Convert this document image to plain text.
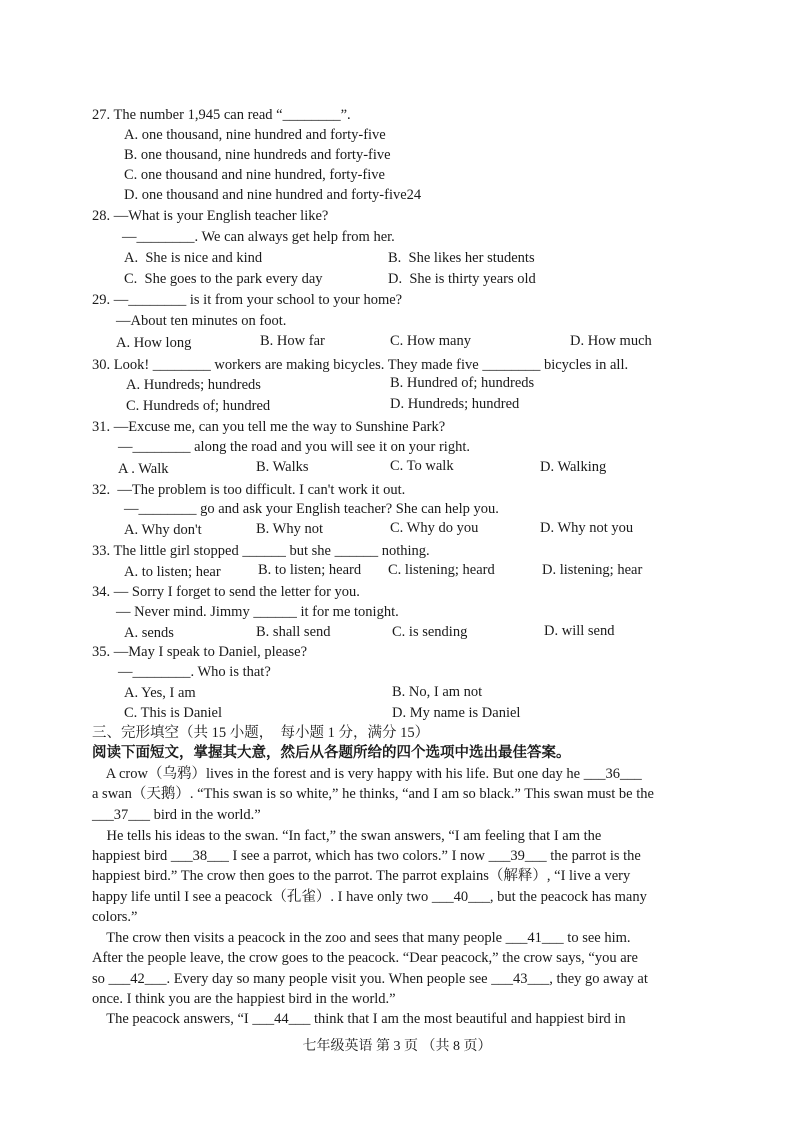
27. The number 1,945 can read “________”.
A. one thousand, nine hundred and forty-five
B. one thousand, nine hundreds and forty-five
C. one thousand and nine hundred, forty-five
D. one thousand and nine hundred and forty-five24
28. —What is your English teacher like?
—________. We can always get help from her.
A.  She is nice and kind	B.  She likes her students
C.  She goes to the park every day	D.  She is thirty years old
29. —________ is it from your school to your home?
—About ten minutes on foot.
A. How long	B. How far	C. How many	D. How much
30. Look! ________ workers are making bicycles. They made five ________ bicycles in all.
A. Hundreds; hundreds	B. Hundred of; hundreds
C. Hundreds of; hundred	D. Hundreds; hundred
31. —Excuse me, can you tell me the way to Sunshine Park?
—________ along the road and you will see it on your right.
A . Walk	B. Walks	C. To walk	D. Walking
32.  —The problem is too difficult. I can't work it out.
—________ go and ask your English teacher? She can help you.
A. Why don't	B. Why not	C. Why do you	D. Why not you
33. The little girl stopped ______ but she ______ nothing.
A. to listen; hear	B. to listen; heard C. listening; heard	D. listening; hear
34. — Sorry I forget to send the letter for you.
— Never mind. Jimmy ______ it for me tonight.
A. sends	B. shall send	C. is sending	D. will send
35. —May I speak to Daniel, please?
—________. Who is that?
A. Yes, I am	B. No, I am not
C. This is Daniel	D. My name is Daniel
三、完形填空（共 15 小题，  每小题 1 分，满分 15）
阅读下面短文，掌握其大意，然后从各题所给的四个选项中选出最佳答案。
A crow（乌鸦）lives in the forest and is very happy with his life. But one day he ___36___
a swan（天鹅）. “This swan is so white,” he thinks, “and I am so black.” This swan must be the
___37___ bird in the world.”
He tells his ideas to the swan. “In fact,” the swan answers, “I am feeling that I am the
happiest bird ___38___ I see a parrot, which has two colors.” I now ___39___ the parrot is the
happiest bird.” The crow then goes to the parrot. The parrot explains（解释）, “I live a very
happy life until I see a peacock（孔雀）. I have only two ___40___, but the peacock has many
colors.”
The crow then visits a peacock in the zoo and sees that many people ___41___ to see him.
After the people leave, the crow goes to the peacock. “Dear peacock,” the crow says, “you are
so ___42___. Every day so many people visit you. When people see ___43___, they go away at
once. I think you are the happiest bird in the world.”
The peacock answers, “I ___44___ think that I am the most beautiful and happiest bird in
七年级英语 第 3 页 （共 8 页）
